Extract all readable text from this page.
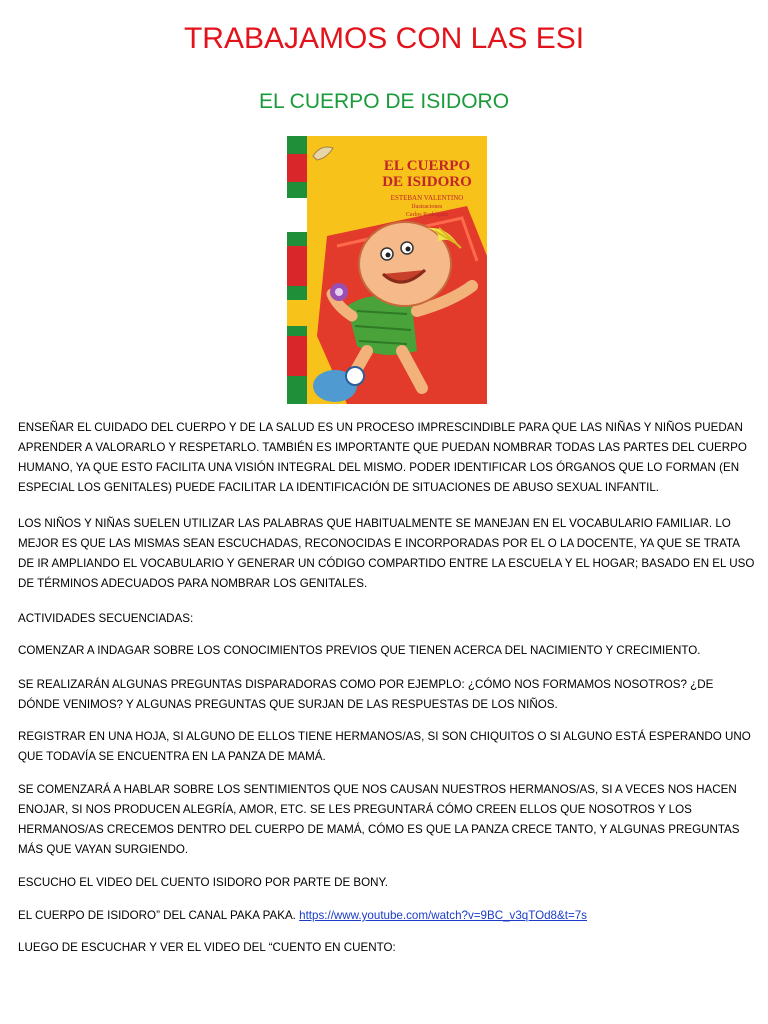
TRABAJAMOS CON LAS ESI
EL CUERPO DE ISIDORO
EL CUERPO
DE ISIDORO
ESTEBAN VALENTINO
Ilustraciones
Carlos Rodríguez

ENSEÑAR EL CUIDADO DEL CUERPO Y DE LA SALUD ES UN PROCESO IMPRESCINDIBLE PARA QUE LAS NIÑAS Y NIÑOS PUEDAN APRENDER A VALORARLO Y RESPETARLO. TAMBIÉN ES IMPORTANTE QUE PUEDAN NOMBRAR TODAS LAS PARTES DEL CUERPO HUMANO, YA QUE ESTO FACILITA UNA VISIÓN INTEGRAL DEL MISMO. PODER IDENTIFICAR LOS ÓRGANOS QUE LO FORMAN (EN ESPECIAL LOS GENITALES) PUEDE FACILITAR LA IDENTIFICACIÓN DE SITUACIONES DE ABUSO SEXUAL INFANTIL.

LOS NIÑOS Y NIÑAS SUELEN UTILIZAR LAS PALABRAS QUE HABITUALMENTE SE MANEJAN EN EL VOCABULARIO FAMILIAR. LO MEJOR ES QUE LAS MISMAS SEAN ESCUCHADAS, RECONOCIDAS E INCORPORADAS POR EL O LA DOCENTE, YA QUE SE TRATA DE IR AMPLIANDO EL VOCABULARIO Y GENERAR UN CÓDIGO COMPARTIDO ENTRE LA ESCUELA Y EL HOGAR; BASADO EN EL USO DE TÉRMINOS ADECUADOS PARA NOMBRAR LOS GENITALES.

ACTIVIDADES SECUENCIADAS:

COMENZAR A INDAGAR SOBRE LOS CONOCIMIENTOS PREVIOS QUE TIENEN ACERCA DEL NACIMIENTO Y CRECIMIENTO.

SE REALIZARÁN ALGUNAS PREGUNTAS DISPARADORAS COMO POR EJEMPLO: ¿CÓMO NOS FORMAMOS NOSOTROS? ¿DE DÓNDE VENIMOS? Y ALGUNAS PREGUNTAS QUE SURJAN DE LAS RESPUESTAS DE LOS NIÑOS.

REGISTRAR EN UNA HOJA, SI ALGUNO DE ELLOS TIENE HERMANOS/AS, SI SON CHIQUITOS O SI ALGUNO ESTÁ ESPERANDO UNO QUE TODAVÍA SE ENCUENTRA EN LA PANZA DE MAMÁ.

SE COMENZARÁ A HABLAR SOBRE LOS SENTIMIENTOS QUE NOS CAUSAN NUESTROS HERMANOS/AS, SI A VECES NOS HACEN ENOJAR, SI NOS PRODUCEN ALEGRÍA, AMOR, ETC. SE LES PREGUNTARÁ CÓMO CREEN ELLOS QUE NOSOTROS Y LOS HERMANOS/AS CRECEMOS DENTRO DEL CUERPO DE MAMÁ, CÓMO ES QUE LA PANZA CRECE TANTO, Y ALGUNAS PREGUNTAS MÁS QUE VAYAN SURGIENDO.

ESCUCHO EL VIDEO DEL CUENTO ISIDORO POR PARTE DE BONY.

EL CUERPO DE ISIDORO” DEL CANAL PAKA PAKA. https://www.youtube.com/watch?v=9BC_v3qTOd8&t=7s

LUEGO DE ESCUCHAR Y VER EL VIDEO DEL “CUENTO EN CUENTO:
